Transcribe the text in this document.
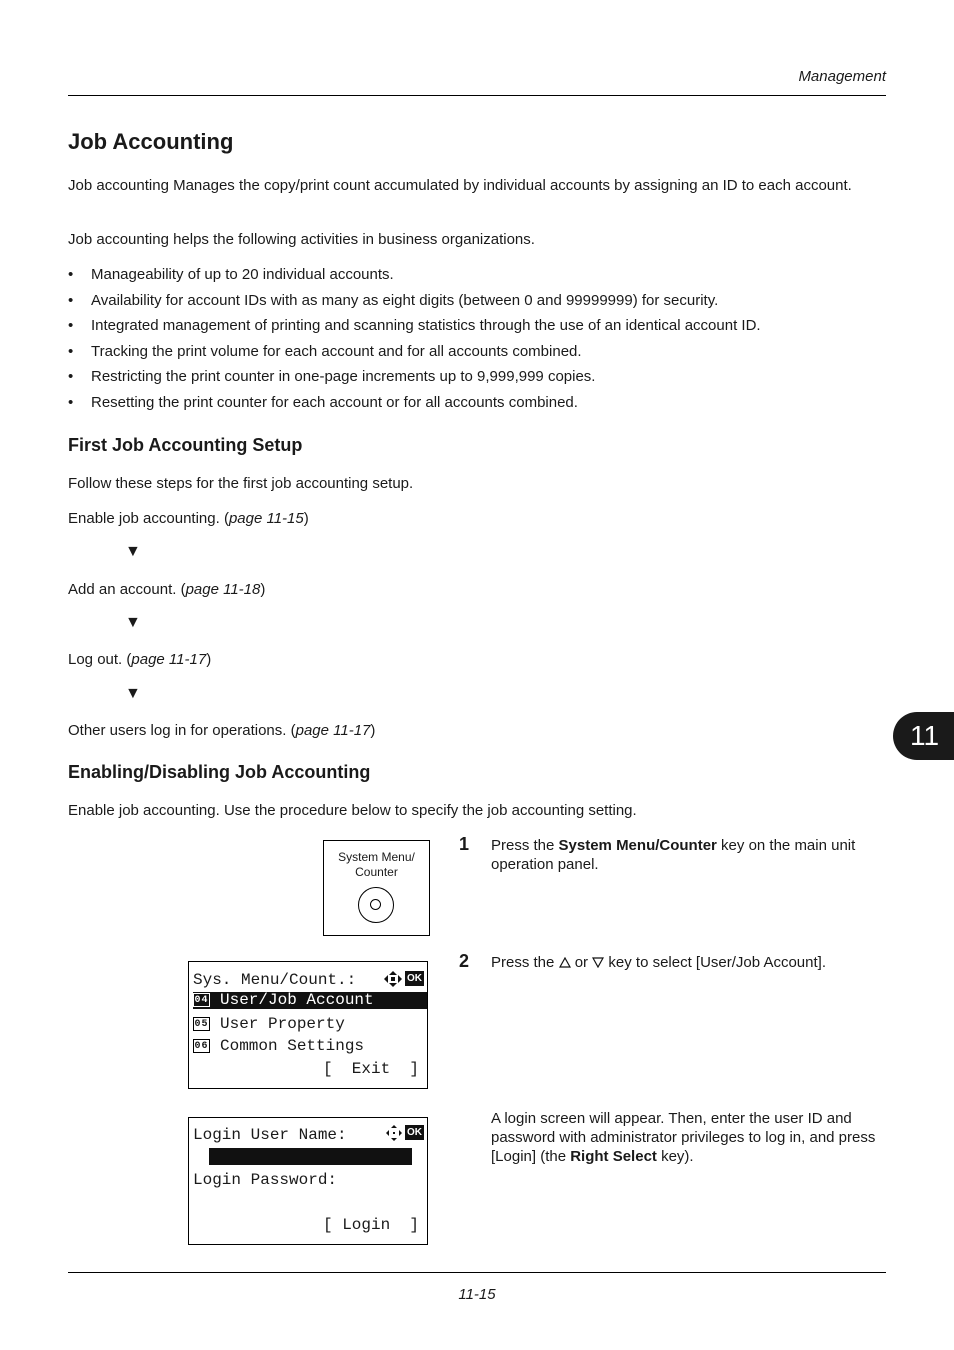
Management
Job Accounting
Job accounting Manages the copy/print count accumulated by individual accounts by assigning an ID to each account.
Job accounting helps the following activities in business organizations.
• Manageability of up to 20 individual accounts.
• Availability for account IDs with as many as eight digits (between 0 and 99999999) for security.
• Integrated management of printing and scanning statistics through the use of an identical account ID.
• Tracking the print volume for each account and for all accounts combined.
• Restricting the print counter in one-page increments up to 9,999,999 copies.
• Resetting the print counter for each account or for all accounts combined.
First Job Accounting Setup
Follow these steps for the first job accounting setup.
Enable job accounting. (page 11-15)
▼
Add an account. (page 11-18)
▼
Log out. (page 11-17)
▼
Other users log in for operations. (page 11-17)	11
Enabling/Disabling Job Accounting
Enable job accounting. Use the procedure below to specify the job accounting setting.
System Menu/
Counter
1 Press the System Menu/Counter key on the main unit operation panel.
Sys. Menu/Count.:	OK
04 User/Job Account
05 User Property
06 Common Settings
[  Exit  ]
2 Press the  or  key to select [User/Job Account].
Login User Name:	OK
Login Password:
[ Login  ]
A login screen will appear. Then, enter the user ID and password with administrator privileges to log in, and press [Login] (the Right Select key).
11-15
